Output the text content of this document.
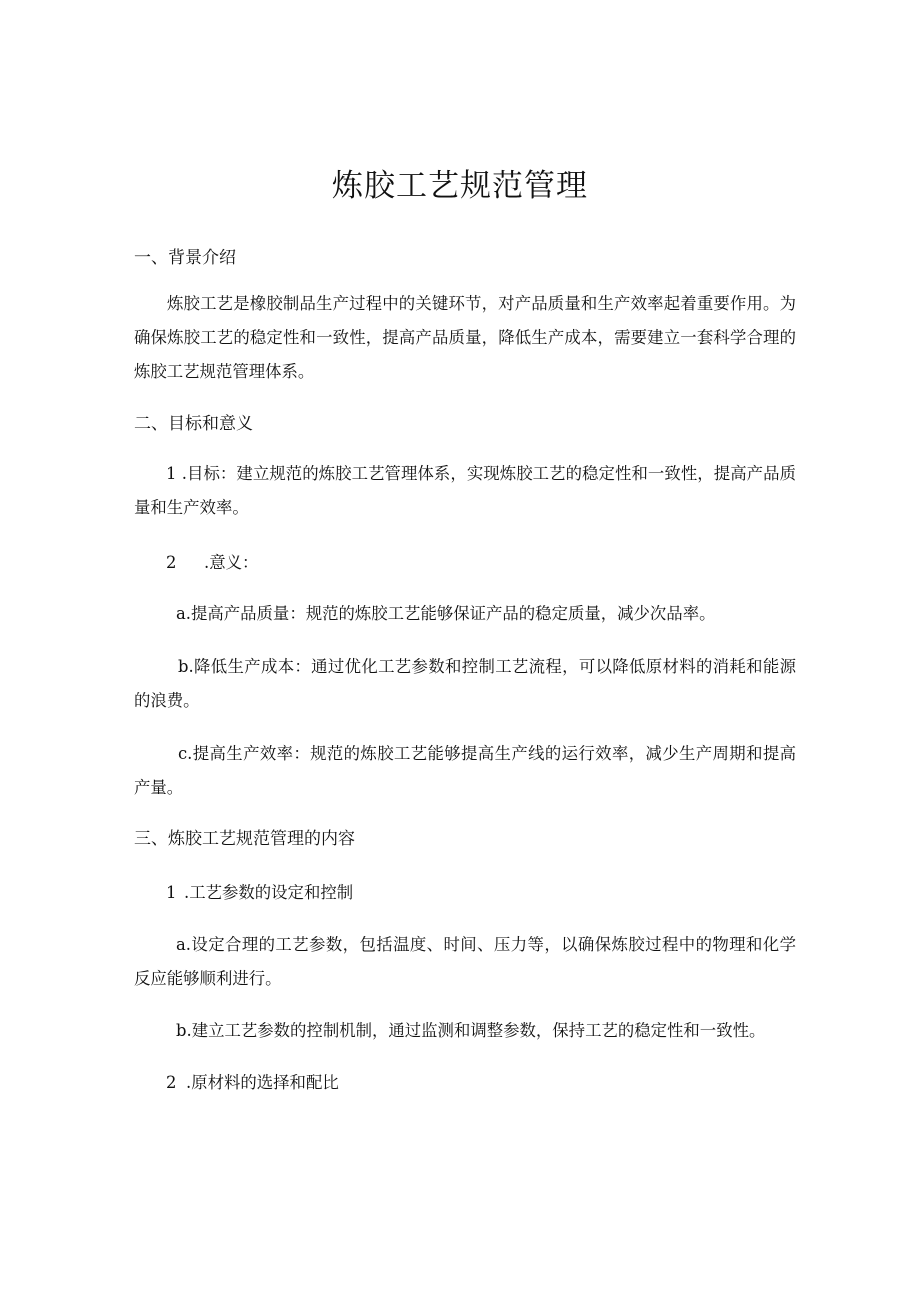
炼胶工艺规范管理
一、背景介绍

炼胶工艺是橡胶制品生产过程中的关键环节，对产品质量和生产效率起着重要作用。为确保炼胶工艺的稳定性和一致性，提高产品质量，降低生产成本，需要建立一套科学合理的炼胶工艺规范管理体系。

二、目标和意义

1 .目标：建立规范的炼胶工艺管理体系，实现炼胶工艺的稳定性和一致性，提高产品质量和生产效率。

2 .意义：

a.提高产品质量：规范的炼胶工艺能够保证产品的稳定质量，减少次品率。

b.降低生产成本：通过优化工艺参数和控制工艺流程，可以降低原材料的消耗和能源的浪费。

c.提高生产效率：规范的炼胶工艺能够提高生产线的运行效率，减少生产周期和提高产量。

三、炼胶工艺规范管理的内容
1 .工艺参数的设定和控制

a.设定合理的工艺参数，包括温度、时间、压力等，以确保炼胶过程中的物理和化学反应能够顺利进行。

b.建立工艺参数的控制机制，通过监测和调整参数，保持工艺的稳定性和一致性。

2 .原材料的选择和配比
